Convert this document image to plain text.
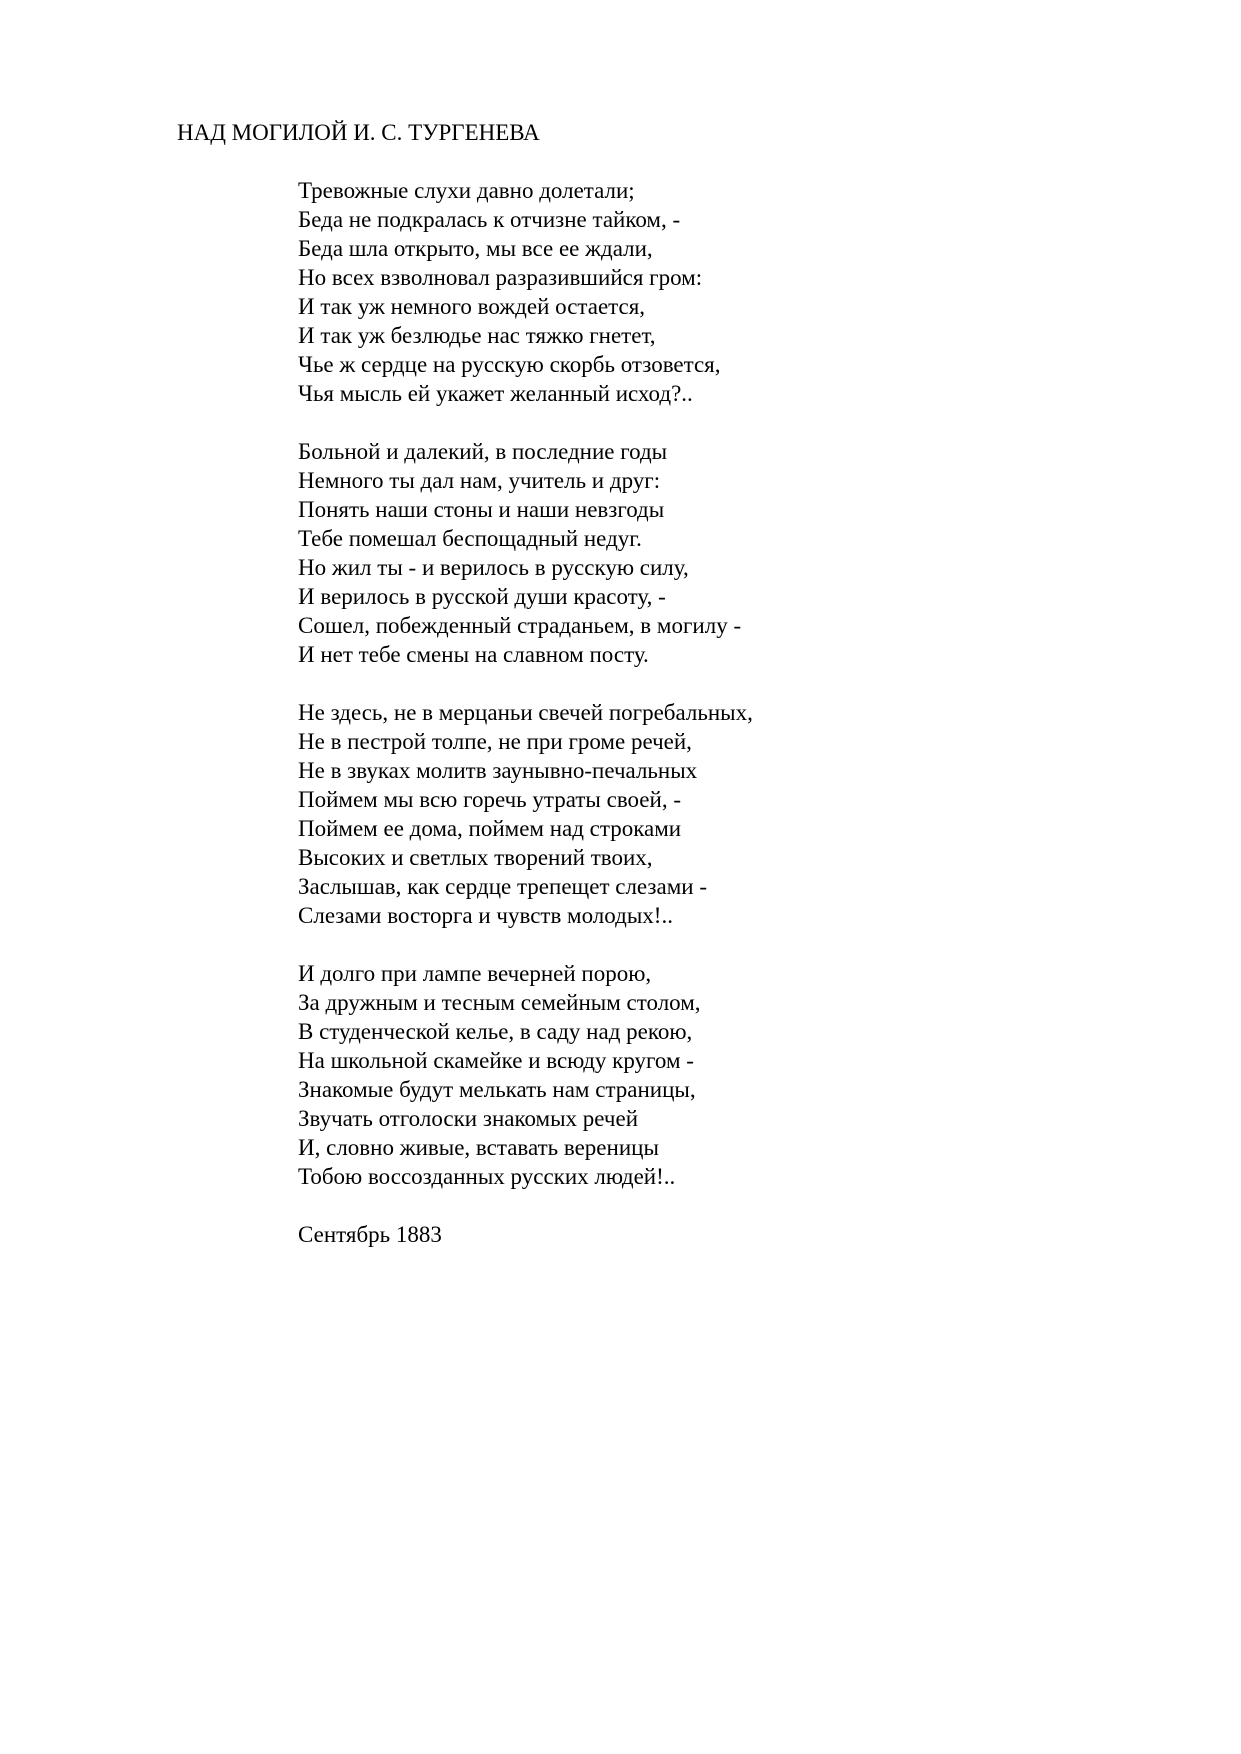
НАД МОГИЛОЙ И. С. ТУРГЕНЕВА
Тревожные слухи давно долетали;
Беда не подкралась к отчизне тайком, -
Беда шла открыто, мы все ее ждали,
Но всех взволновал разразившийся гром:
И так уж немного вождей остается,
И так уж безлюдье нас тяжко гнетет,
Чье ж сердце на русскую скорбь отзовется,
Чья мысль ей укажет желанный исход?..
Больной и далекий, в последние годы
Немного ты дал нам, учитель и друг:
Понять наши стоны и наши невзгоды
Тебе помешал беспощадный недуг.
Но жил ты - и верилось в русскую силу,
И верилось в русской души красоту, -
Сошел, побежденный страданьем, в могилу -
И нет тебе смены на славном посту.
Не здесь, не в мерцаньи свечей погребальных,
Не в пестрой толпе, не при громе речей,
Не в звуках молитв заунывно-печальных
Поймем мы всю горечь утраты своей, -
Поймем ее дома, поймем над строками
Высоких и светлых творений твоих,
Заслышав, как сердце трепещет слезами -
Слезами восторга и чувств молодых!..
И долго при лампе вечерней порою,
За дружным и тесным семейным столом,
В студенческой келье, в саду над рекою,
На школьной скамейке и всюду кругом -
Знакомые будут мелькать нам страницы,
Звучать отголоски знакомых речей
И, словно живые, вставать вереницы
Тобою воссозданных русских людей!..

Сентябрь 1883
